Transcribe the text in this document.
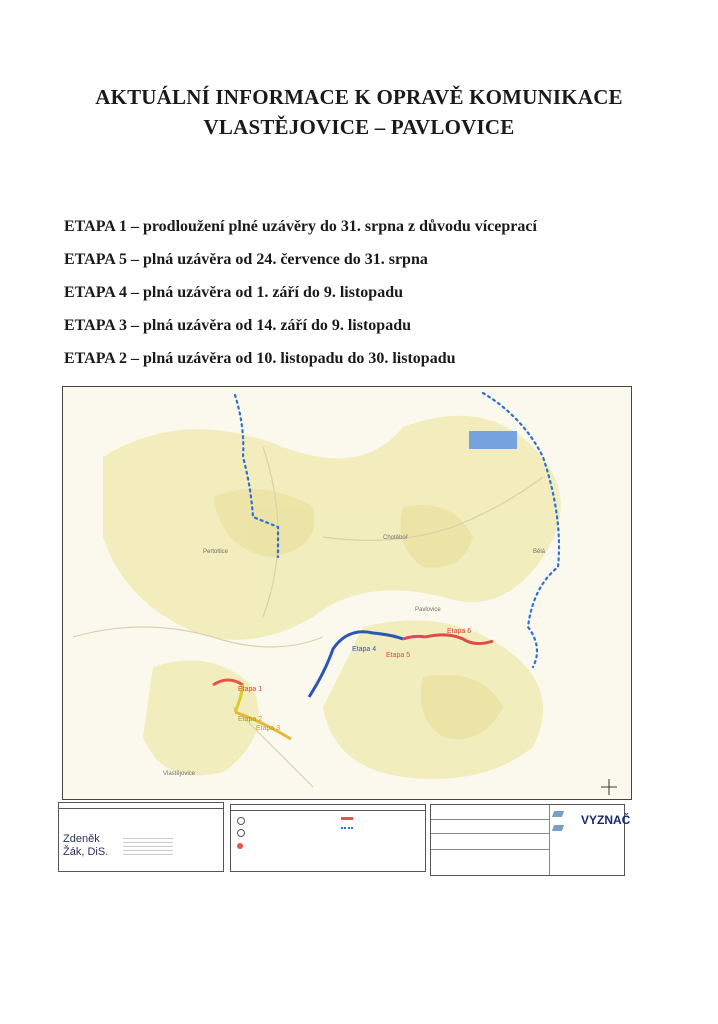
AKTUÁLNÍ INFORMACE K OPRAVĚ KOMUNIKACE
VLASTĚJOVICE – PAVLOVICE
ETAPA 1 – prodloužení plné uzávěry do 31. srpna z důvodu víceprací
ETAPA 5 – plná uzávěra od 24. července do 31. srpna
ETAPA 4 – plná uzávěra od 1. září do 9. listopadu
ETAPA 3 – plná uzávěra od 14. září do 9. listopadu
ETAPA 2 – plná uzávěra od 10. listopadu do 30. listopadu
Etapa 1
Etapa 2
Etapa 3
Etapa 4
Etapa 5
Etapa 6
Pertoltice
Vlastějovice
Bělá
Pavlovice
Chotěboř
Zdeněk
Žák, DiS.
VYZNAČ
